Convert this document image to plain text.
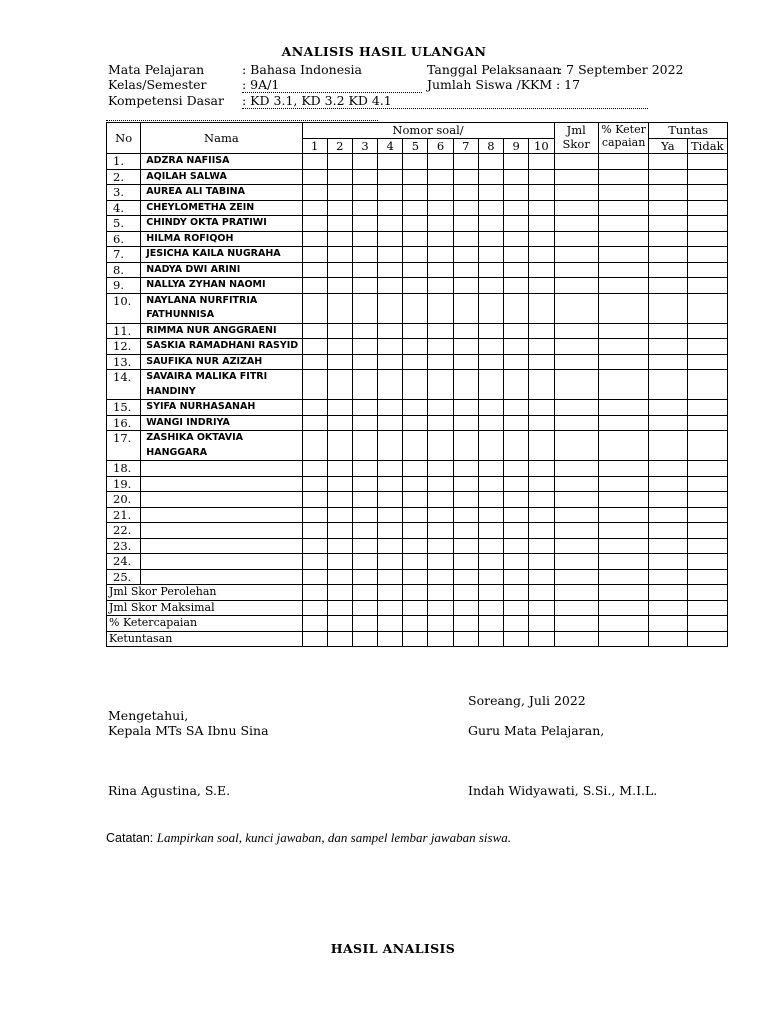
ANALISIS HASIL ULANGAN
Mata Pelajaran	: Bahasa Indonesia	Tanggal Pelaksanaan
: 7 September 2022
Kelas/Semester	: 9A/1	Jumlah Siswa /KKM : 17
Kompetensi Dasar : KD 3.1, KD 3.2 KD 4.1
No	Nama	Nomor soal/										Jml Skor	% Ketercapaian	Tuntas	
		1	2	3	4	5	6	7	8	9	10			Ya	Tidak
1.	ADZRA NAFIISA														
2.	AQILAH SALWA														
3.	AUREA ALI TABINA														
4.	CHEYLOMETHA ZEIN														
5.	CHINDY OKTA PRATIWI														
6.	HILMA ROFIQOH														
7.	JESICHA KAILA NUGRAHA														
8.	NADYA DWI ARINI														
9.	NALLYA ZYHAN NAOMI														
10.	NAYLANA NURFITRIA FATHUNNISA														
11.	RIMMA NUR ANGGRAENI														
12.	SASKIA RAMADHANI RASYID														
13.	SAUFIKA NUR AZIZAH														
14.	SAVAIRA MALIKA FITRI HANDINY														
15.	SYIFA NURHASANAH														
16.	WANGI INDRIYA														
17.	ZASHIKA OKTAVIA HANGGARA														
18.															
19.															
20.															
21.															
22.															
23.															
24.															
25.															
Jml Skor Perolehan															
Jml Skor Maksimal															
% Ketercapaian															
Ketuntasan															
Soreang, Juli 2022
Mengetahui,
Kepala MTs SA Ibnu Sina	Guru Mata Pelajaran,
Rina Agustina, S.E.	Indah Widyawati, S.Si., M.I.L.
Catatan: Lampirkan soal, kunci jawaban, dan sampel lembar jawaban siswa.
HASIL ANALISIS
